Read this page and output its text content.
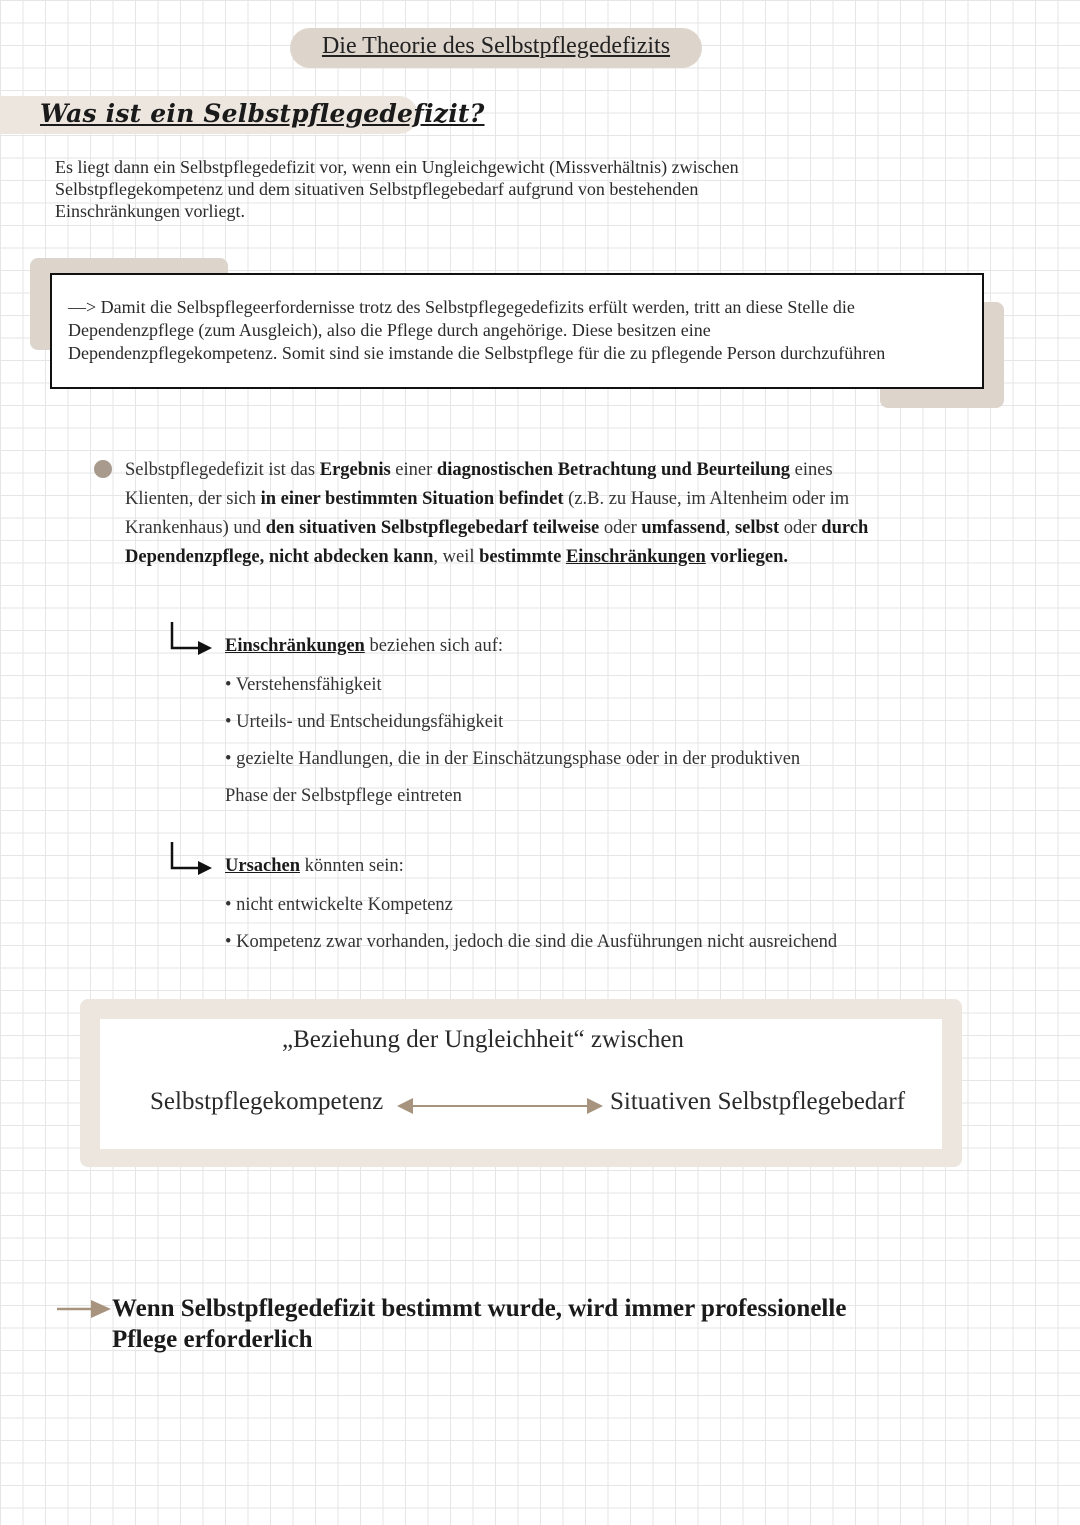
Die Theorie des Selbstpflegedefizits
Was ist ein Selbstpflegedefizit?
Es liegt dann ein Selbstpflegedefizit vor, wenn ein Ungleichgewicht (Missverhältnis) zwischen
Selbstpflegekompetenz und dem situativen Selbstpflegebedarf aufgrund von bestehenden
Einschränkungen vorliegt.
—> Damit die Selbspflegeerfordernisse trotz des Selbstpflegegedefizits erfült werden, tritt an diese Stelle die
Dependenzpflege (zum Ausgleich), also die Pflege durch angehörige. Diese besitzen eine
Dependenzpflegekompetenz. Somit sind sie imstande die Selbstpflege für die zu pflegende Person durchzuführen
Selbstpflegedefizit ist das Ergebnis einer diagnostischen Betrachtung und Beurteilung eines Klienten, der sich in einer bestimmten Situation befindet (z.B. zu Hause, im Altenheim oder im Krankenhaus) und den situativen Selbstpflegebedarf teilweise oder umfassend, selbst oder durch Dependenzpflege, nicht abdecken kann, weil bestimmte Einschränkungen vorliegen.
Einschränkungen beziehen sich auf:
• Verstehensfähigkeit
• Urteils- und Entscheidungsfähigkeit
• gezielte Handlungen, die in der Einschätzungsphase oder in der produktiven
Phase der Selbstpflege eintreten
Ursachen könnten sein:
• nicht entwickelte Kompetenz
• Kompetenz zwar vorhanden, jedoch die sind die Ausführungen nicht ausreichend
„Beziehung der Ungleichheit“ zwischen
Selbstpflegekompetenz	Situativen Selbstpflegebedarf
Wenn Selbstpflegedefizit bestimmt wurde, wird immer professionelle
Pflege erforderlich
